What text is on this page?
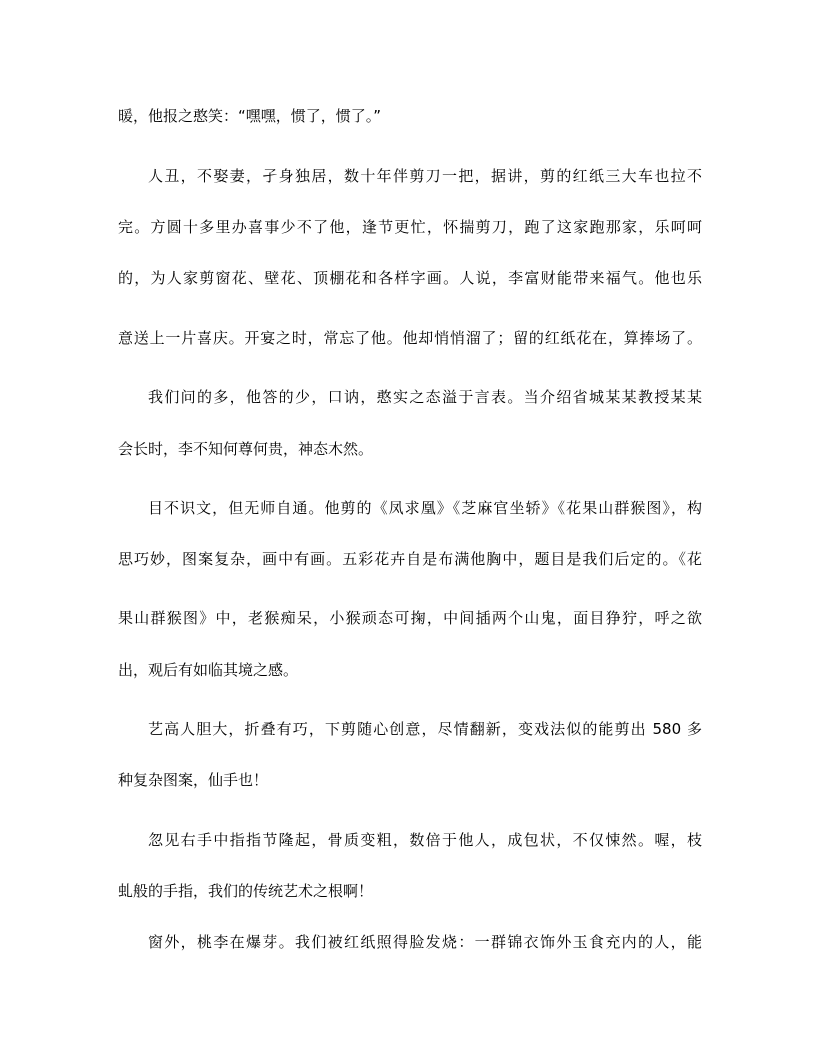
暖，他报之憨笑：“嘿嘿，惯了，惯了。”
人丑，不娶妻，孑身独居，数十年伴剪刀一把，据讲，剪的红纸三大车也拉不
完。方圆十多里办喜事少不了他，逢节更忙，怀揣剪刀，跑了这家跑那家，乐呵呵
的，为人家剪窗花、壁花、顶棚花和各样字画。人说，李富财能带来福气。他也乐
意送上一片喜庆。开宴之时，常忘了他。他却悄悄溜了；留的红纸花在，算捧场了。
我们问的多，他答的少，口讷，憨实之态溢于言表。当介绍省城某某教授某某
会长时，李不知何尊何贵，神态木然。
目不识文，但无师自通。他剪的《凤求凰》《芝麻官坐轿》《花果山群猴图》，构
思巧妙，图案复杂，画中有画。五彩花卉自是布满他胸中，题目是我们后定的。《花
果山群猴图》中，老猴痴呆，小猴顽态可掬，中间插两个山鬼，面目狰狞，呼之欲
出，观后有如临其境之感。
艺高人胆大，折叠有巧，下剪随心创意，尽情翻新，变戏法似的能剪出 580 多
种复杂图案，仙手也！
忽见右手中指指节隆起，骨质变粗，数倍于他人，成包状，不仅悚然。喔，枝
虬般的手指，我们的传统艺术之根啊！
窗外，桃李在爆芽。我们被红纸照得脸发烧：一群锦衣饰外玉食充内的人，能
